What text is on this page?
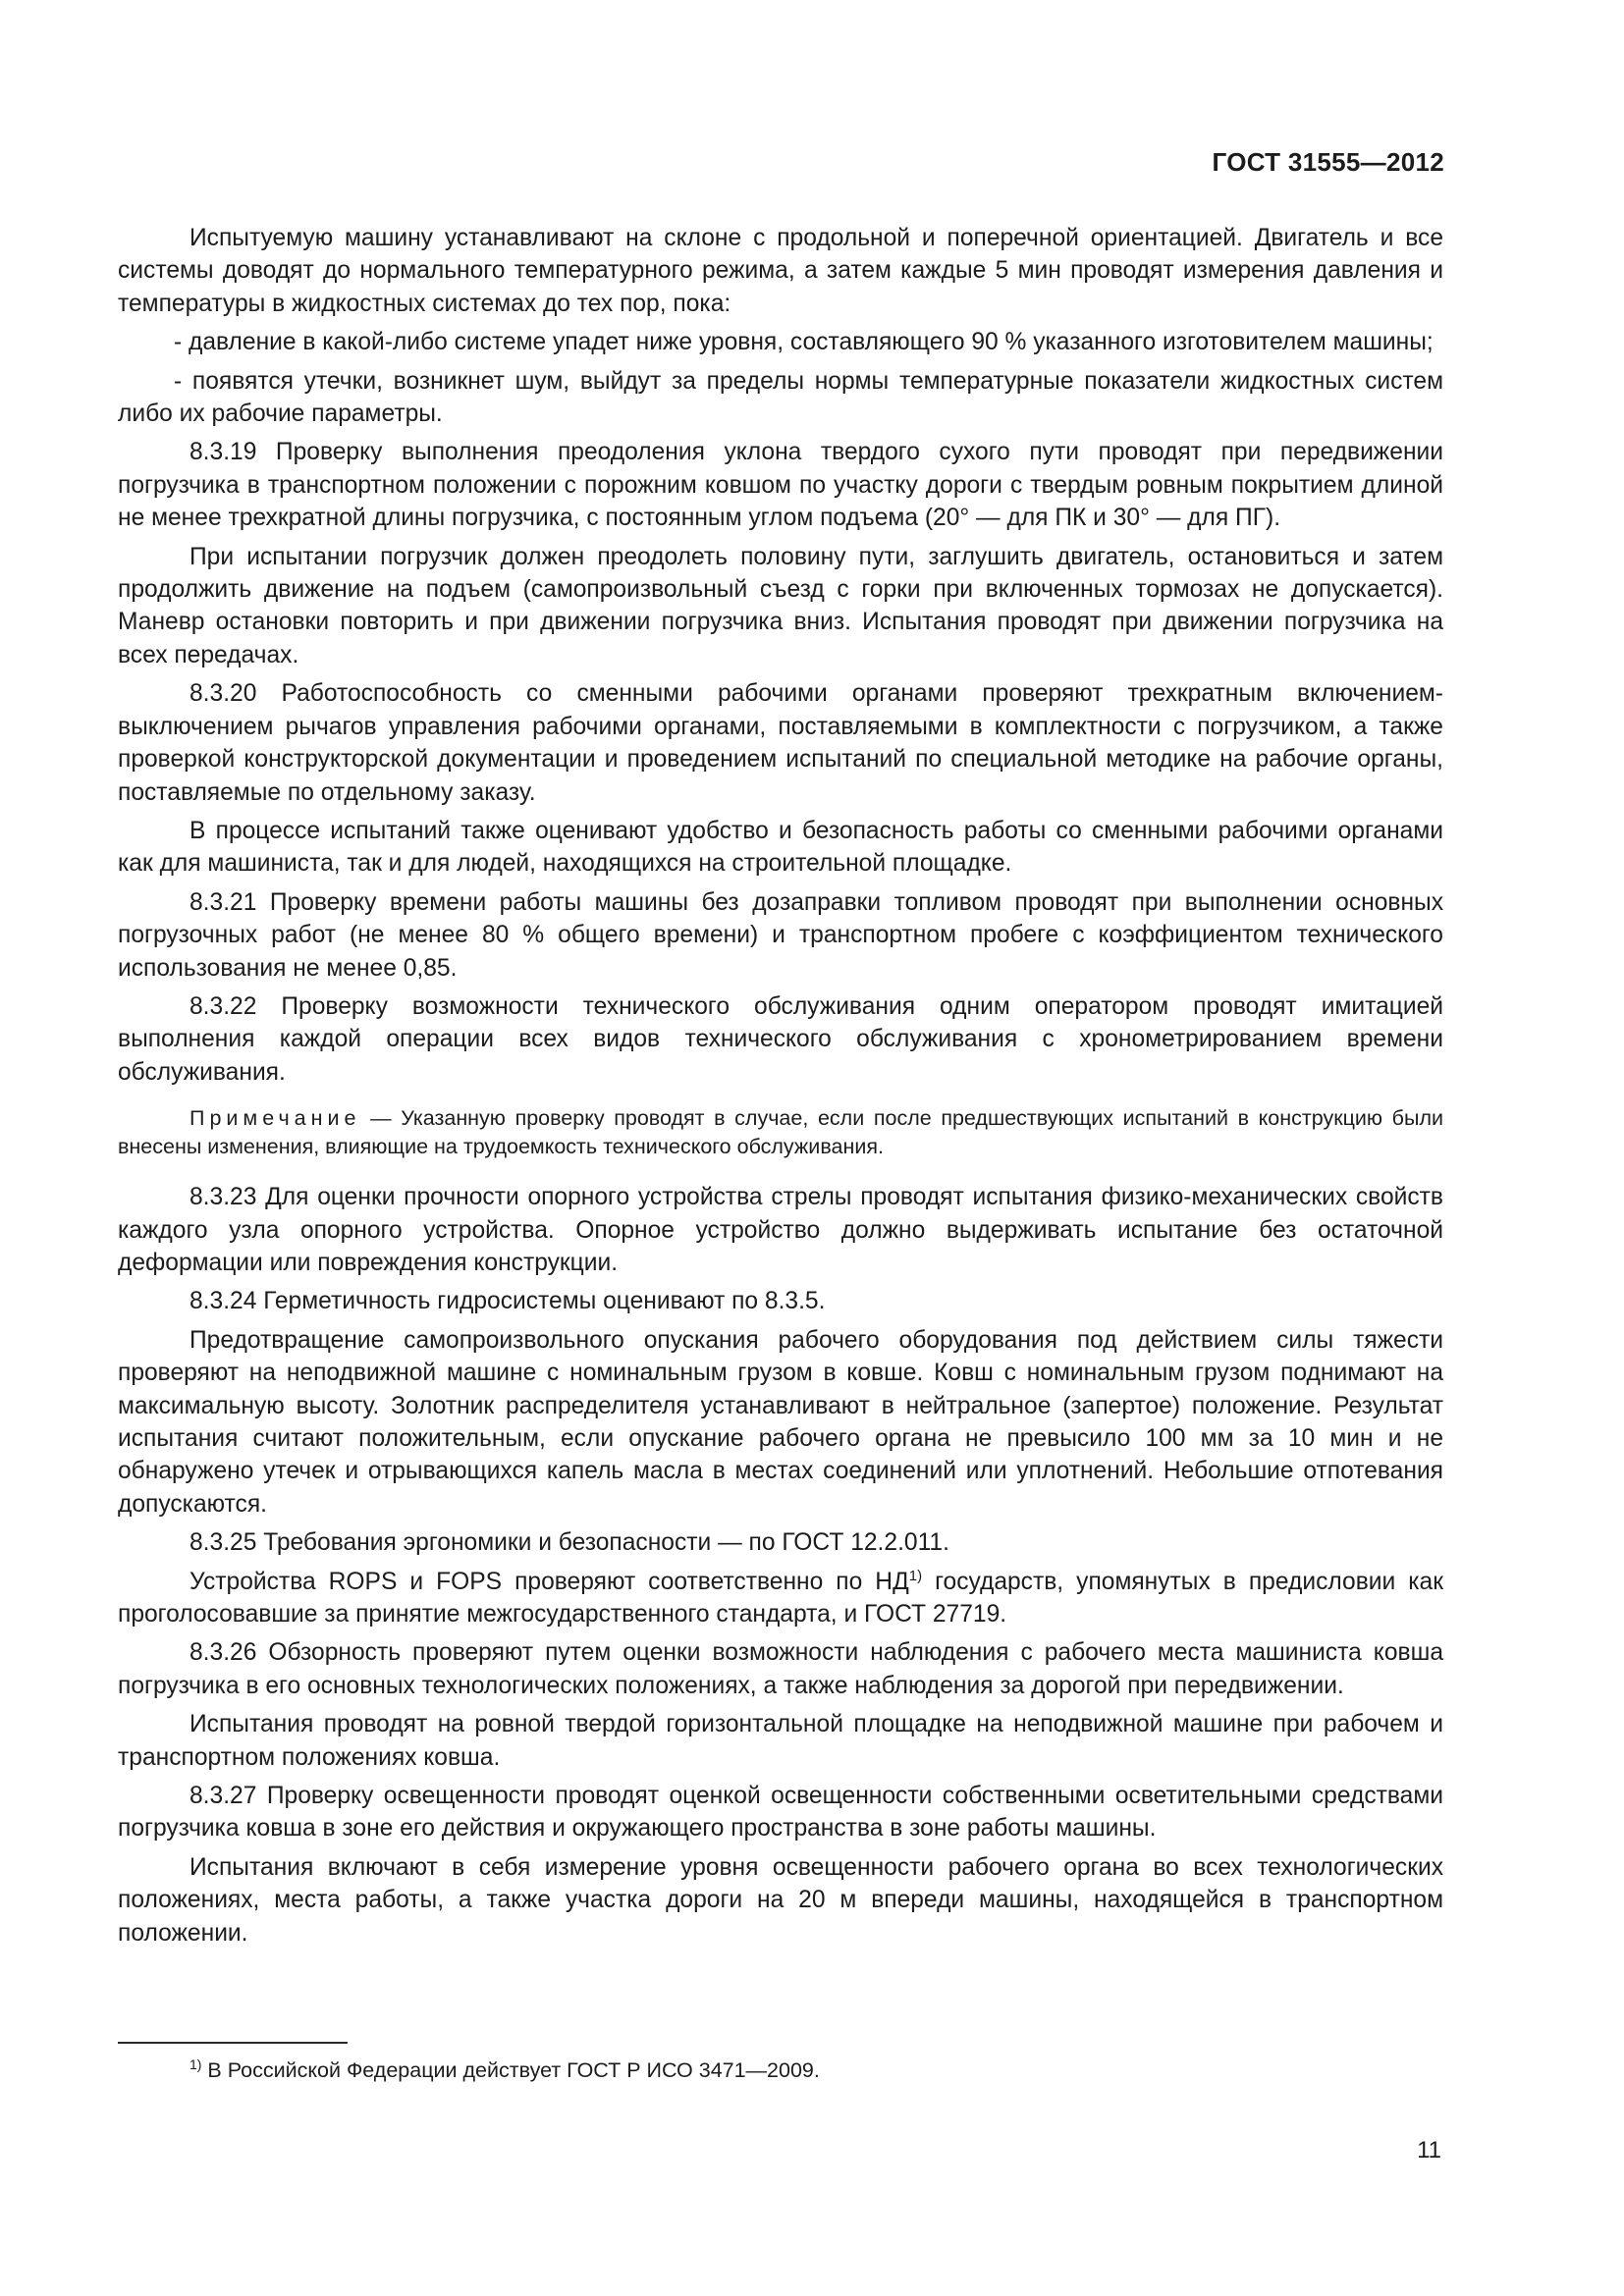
ГОСТ 31555—2012

Испытуемую машину устанавливают на склоне с продольной и поперечной ориентацией. Двигатель и все системы доводят до нормального температурного режима, а затем каждые 5 мин проводят измерения давления и температуры в жидкостных системах до тех пор, пока:

- давление в какой-либо системе упадет ниже уровня, составляющего 90 % указанного изготовителем машины;

- появятся утечки, возникнет шум, выйдут за пределы нормы температурные показатели жидкостных систем либо их рабочие параметры.

8.3.19 Проверку выполнения преодоления уклона твердого сухого пути проводят при передвижении погрузчика в транспортном положении с порожним ковшом по участку дороги с твердым ровным покрытием длиной не менее трехкратной длины погрузчика, с постоянным углом подъема (20° — для ПК и 30° — для ПГ).

При испытании погрузчик должен преодолеть половину пути, заглушить двигатель, остановиться и затем продолжить движение на подъем (самопроизвольный съезд с горки при включенных тормозах не допускается). Маневр остановки повторить и при движении погрузчика вниз. Испытания проводят при движении погрузчика на всех передачах.

8.3.20 Работоспособность со сменными рабочими органами проверяют трехкратным включением-выключением рычагов управления рабочими органами, поставляемыми в комплектности с погрузчиком, а также проверкой конструкторской документации и проведением испытаний по специальной методике на рабочие органы, поставляемые по отдельному заказу.

В процессе испытаний также оценивают удобство и безопасность работы со сменными рабочими органами как для машиниста, так и для людей, находящихся на строительной площадке.

8.3.21 Проверку времени работы машины без дозаправки топливом проводят при выполнении основных погрузочных работ (не менее 80 % общего времени) и транспортном пробеге с коэффициентом технического использования не менее 0,85.

8.3.22 Проверку возможности технического обслуживания одним оператором проводят имитацией выполнения каждой операции всех видов технического обслуживания с хронометрированием времени обслуживания.

Примечание — Указанную проверку проводят в случае, если после предшествующих испытаний в конструкцию были внесены изменения, влияющие на трудоемкость технического обслуживания.

8.3.23 Для оценки прочности опорного устройства стрелы проводят испытания физико-механических свойств каждого узла опорного устройства. Опорное устройство должно выдерживать испытание без остаточной деформации или повреждения конструкции.

8.3.24 Герметичность гидросистемы оценивают по 8.3.5.

Предотвращение самопроизвольного опускания рабочего оборудования под действием силы тяжести проверяют на неподвижной машине с номинальным грузом в ковше. Ковш с номинальным грузом поднимают на максимальную высоту. Золотник распределителя устанавливают в нейтральное (запертое) положение. Результат испытания считают положительным, если опускание рабочего органа не превысило 100 мм за 10 мин и не обнаружено утечек и отрывающихся капель масла в местах соединений или уплотнений. Небольшие отпотевания допускаются.

8.3.25 Требования эргономики и безопасности — по ГОСТ 12.2.011.

Устройства ROPS и FOPS проверяют соответственно по НД$^{1)}$ государств, упомянутых в предисловии как проголосовавшие за принятие межгосударственного стандарта, и ГОСТ 27719.

8.3.26 Обзорность проверяют путем оценки возможности наблюдения с рабочего места машиниста ковша погрузчика в его основных технологических положениях, а также наблюдения за дорогой при передвижении.

Испытания проводят на ровной твердой горизонтальной площадке на неподвижной машине при рабочем и транспортном положениях ковша.

8.3.27 Проверку освещенности проводят оценкой освещенности собственными осветительными средствами погрузчика ковша в зоне его действия и окружающего пространства в зоне работы машины.

Испытания включают в себя измерение уровня освещенности рабочего органа во всех технологических положениях, места работы, а также участка дороги на 20 м впереди машины, находящейся в транспортном положении.

$^{1)}$ В Российской Федерации действует ГОСТ Р ИСО 3471—2009.
11
